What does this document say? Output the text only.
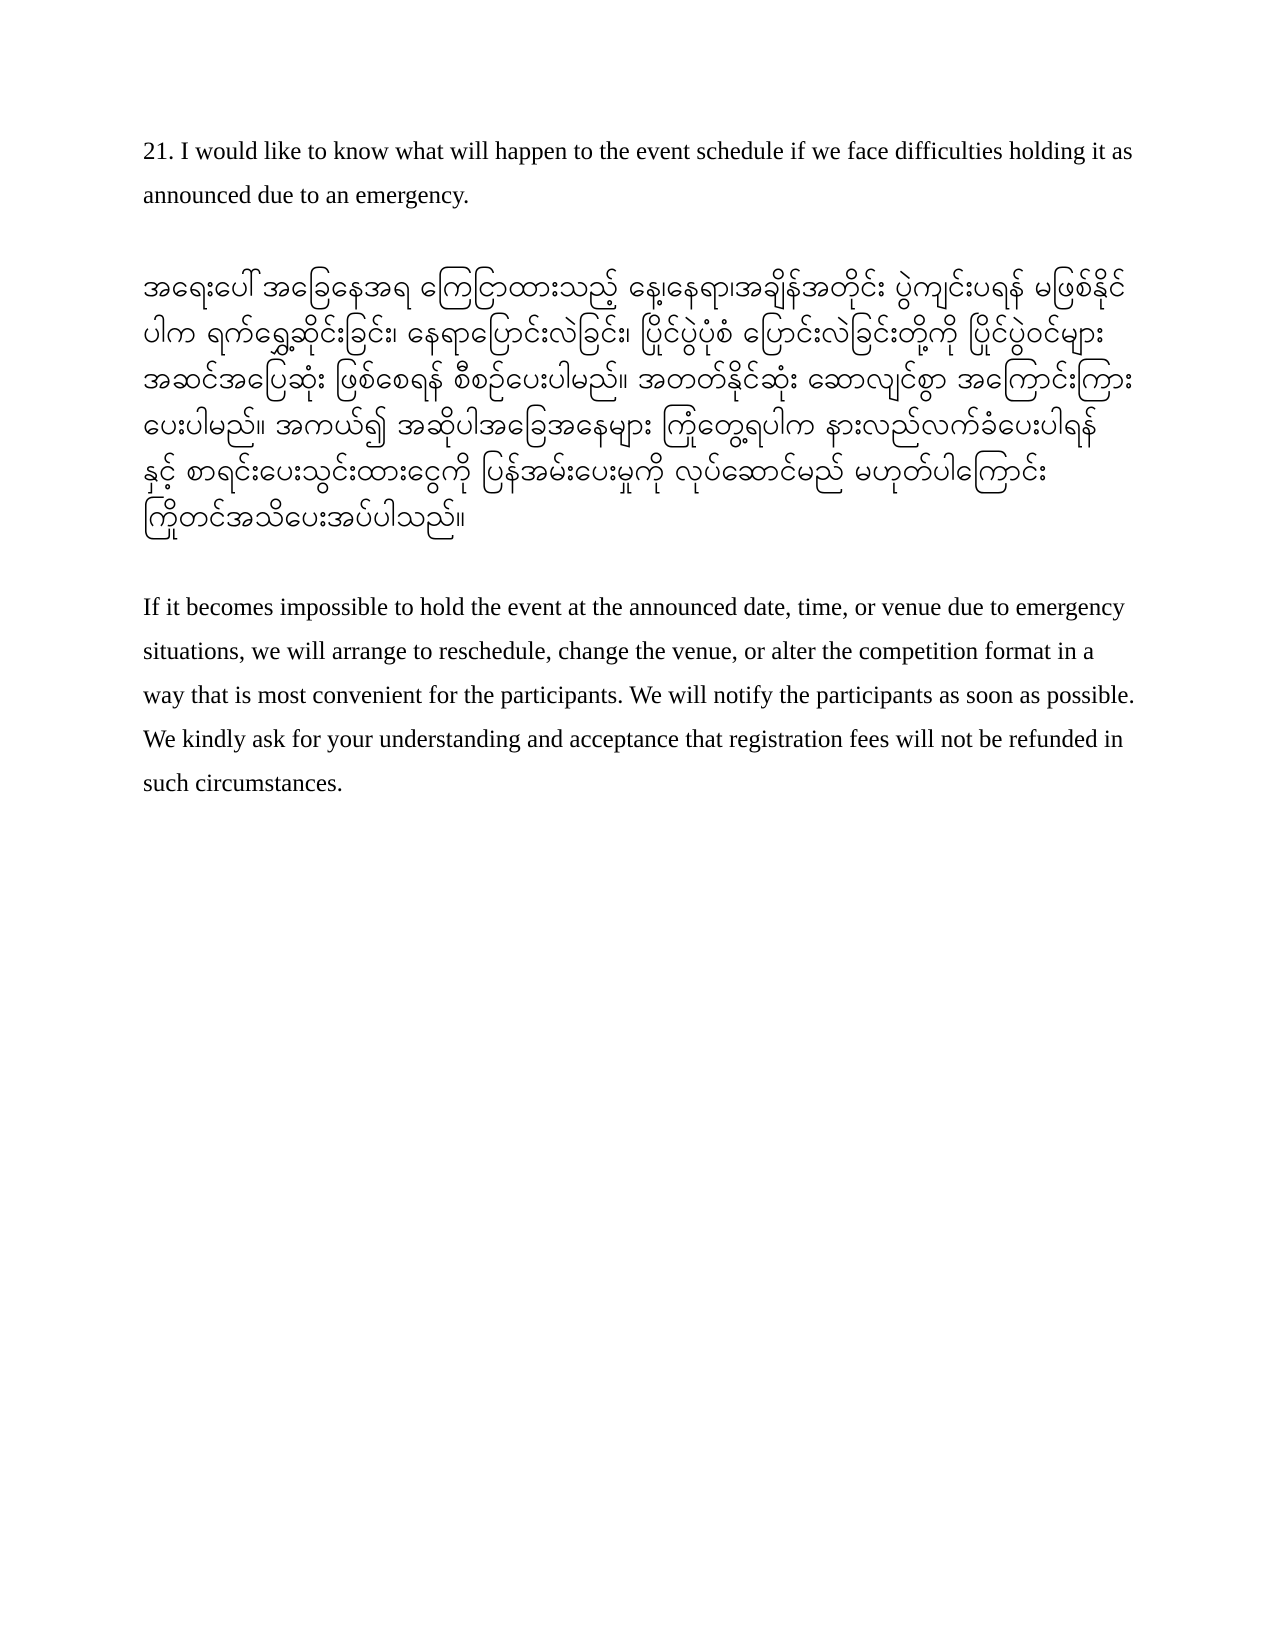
21. I would like to know what will happen to the event schedule if we face difficulties holding it as announced due to an emergency.

အရေးပေါ်အခြေနေအရ ကြေငြာထားသည့် နေ့၊နေရာ၊အချိန်အတိုင်း ပွဲကျင်းပရန် မဖြစ်နိုင်ပါက ရက်ရွှေ့ဆိုင်းခြင်း၊ နေရာပြောင်းလဲခြင်း၊ ပြိုင်ပွဲပုံစံ ပြောင်းလဲခြင်းတို့ကို ပြိုင်ပွဲဝင်များ အဆင်အပြေဆုံး ဖြစ်စေရန် စီစဉ်ပေးပါမည်။ အတတ်နိုင်ဆုံး ဆောလျင်စွာ အကြောင်းကြားပေးပါမည်။ အကယ်၍ အဆိုပါအခြေအနေများ ကြုံတွေ့ရပါက နားလည်လက်ခံပေးပါရန် နှင့် စာရင်းပေးသွင်းထားငွေကို ပြန်အမ်းပေးမှုကို လုပ်ဆောင်မည် မဟုတ်ပါကြောင်း ကြိုတင်အသိပေးအပ်ပါသည်။

If it becomes impossible to hold the event at the announced date, time, or venue due to emergency situations, we will arrange to reschedule, change the venue, or alter the competition format in a way that is most convenient for the participants. We will notify the participants as soon as possible. We kindly ask for your understanding and acceptance that registration fees will not be refunded in such circumstances.
